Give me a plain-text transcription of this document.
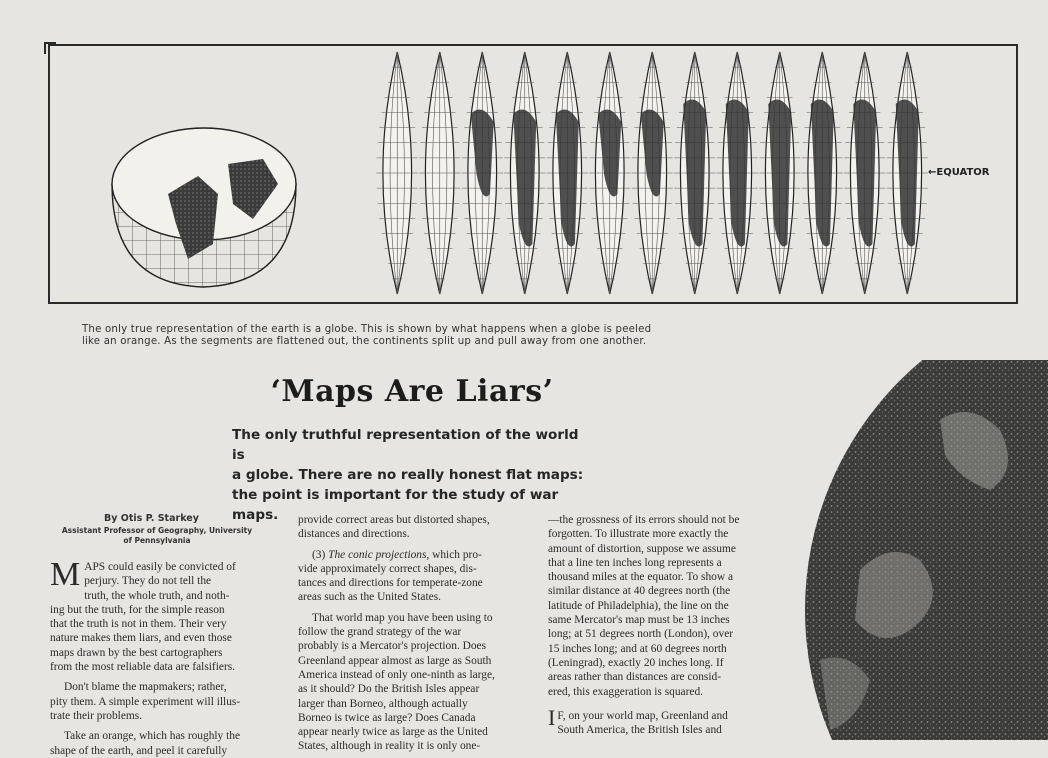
←EQUATOR
The only true representation of the earth is a globe. This is shown by what happens when a globe is peeled
like an orange. As the segments are flattened out, the continents split up and pull away from one another.
‘Maps Are Liars’
The only truthful representation of the world is
a globe. There are no really honest flat maps:
the point is important for the study of war maps.
By Otis P. Starkey
Assistant Professor of Geography, University
of Pennsylvania

M APS could easily be convicted of
perjury. They do not tell the
truth, the whole truth, and noth-
ing but the truth, for the simple reason
that the truth is not in them. Their very
nature makes them liars, and even those
maps drawn by the best cartographers
from the most reliable data are falsifiers.

Don't blame the mapmakers; rather,
pity them. A simple experiment will illus-
trate their problems.

Take an orange, which has roughly the
shape of the earth, and peel it carefully

provide correct areas but distorted shapes,
distances and directions.

(3) The conic projections, which pro-
vide approximately correct shapes, dis-
tances and directions for temperate-zone
areas such as the United States.

That world map you have been using to
follow the grand strategy of the war
probably is a Mercator's projection. Does
Greenland appear almost as large as South
America instead of only one-ninth as large,
as it should? Do the British Isles appear
larger than Borneo, although actually
Borneo is twice as large? Does Canada
appear nearly twice as large as the United
States, although in reality it is only one-

—the grossness of its errors should not be
forgotten. To illustrate more exactly the
amount of distortion, suppose we assume
that a line ten inches long represents a
thousand miles at the equator. To show a
similar distance at 40 degrees north (the
latitude of Philadelphia), the line on the
same Mercator's map must be 13 inches
long; at 51 degrees north (London), over
15 inches long; and at 60 degrees north
(Leningrad), exactly 20 inches long. If
areas rather than distances are consid-
ered, this exaggeration is squared.

I F, on your world map, Greenland and
South America, the British Isles and
